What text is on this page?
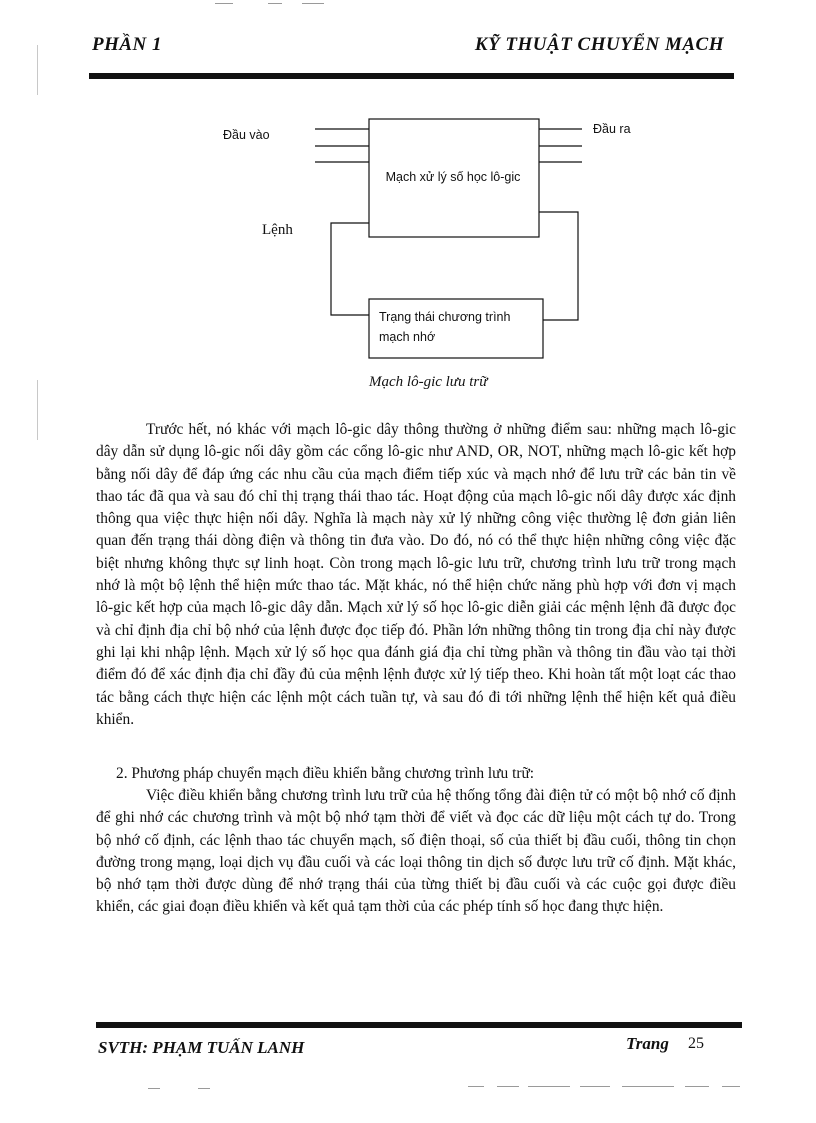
PHẦN 1	KỸ THUẬT CHUYỂN MẠCH
Đầu vào	Đầu ra
Lệnh
Mạch xử lý số học lô-gic
Trạng thái chương trình mạch nhớ
Mạch lô-gic lưu trữ

Trước hết, nó khác với mạch lô-gic dây thông thường ở những điểm sau: những mạch lô-gic dây dẫn sử dụng lô-gic nối dây gồm các cổng lô-gic như AND, OR, NOT, những mạch lô-gic kết hợp bằng nối dây để đáp ứng các nhu cầu của mạch điểm tiếp xúc và mạch nhớ để lưu trữ các bản tin về thao tác đã qua và sau đó chỉ thị trạng thái thao tác. Hoạt động của mạch lô-gic nối dây được xác định thông qua việc thực hiện nối dây. Nghĩa là mạch này xử lý những công việc thường lệ đơn giản liên quan đến trạng thái dòng điện và thông tin đưa vào. Do đó, nó có thể thực hiện những công việc đặc biệt nhưng không thực sự linh hoạt. Còn trong mạch lô-gic lưu trữ, chương trình lưu trữ trong mạch nhớ là một bộ lệnh thể hiện mức thao tác. Mặt khác, nó thể hiện chức năng phù hợp với đơn vị mạch lô-gic kết hợp của mạch lô-gic dây dẫn. Mạch xử lý số học lô-gic diễn giải các mệnh lệnh đã được đọc và chỉ định địa chỉ bộ nhớ của lệnh được đọc tiếp đó. Phần lớn những thông tin trong địa chỉ này được ghi lại khi nhập lệnh. Mạch xử lý số học qua đánh giá địa chỉ từng phần và thông tin đầu vào tại thời điểm đó để xác định địa chỉ đầy đủ của mệnh lệnh được xử lý tiếp theo. Khi hoàn tất một loạt các thao tác bằng cách thực hiện các lệnh một cách tuần tự, và sau đó đi tới những lệnh thể hiện kết quả điều khiển.

2. Phương pháp chuyển mạch điều khiển bằng chương trình lưu trữ:

Việc điều khiển bằng chương trình lưu trữ của hệ thống tổng đài điện tử có một bộ nhớ cố định để ghi nhớ các chương trình và một bộ nhớ tạm thời để viết và đọc các dữ liệu một cách tự do. Trong bộ nhớ cố định, các lệnh thao tác chuyển mạch, số điện thoại, số của thiết bị đầu cuối, thông tin chọn đường trong mạng, loại dịch vụ đầu cuối và các loại thông tin dịch số được lưu trữ cố định. Mặt khác, bộ nhớ tạm thời được dùng để nhớ trạng thái của từng thiết bị đầu cuối và các cuộc gọi được điều khiển, các giai đoạn điều khiển và kết quả tạm thời của các phép tính số học đang thực hiện.

SVTH: PHẠM TUẤN LANH	Trang 25
